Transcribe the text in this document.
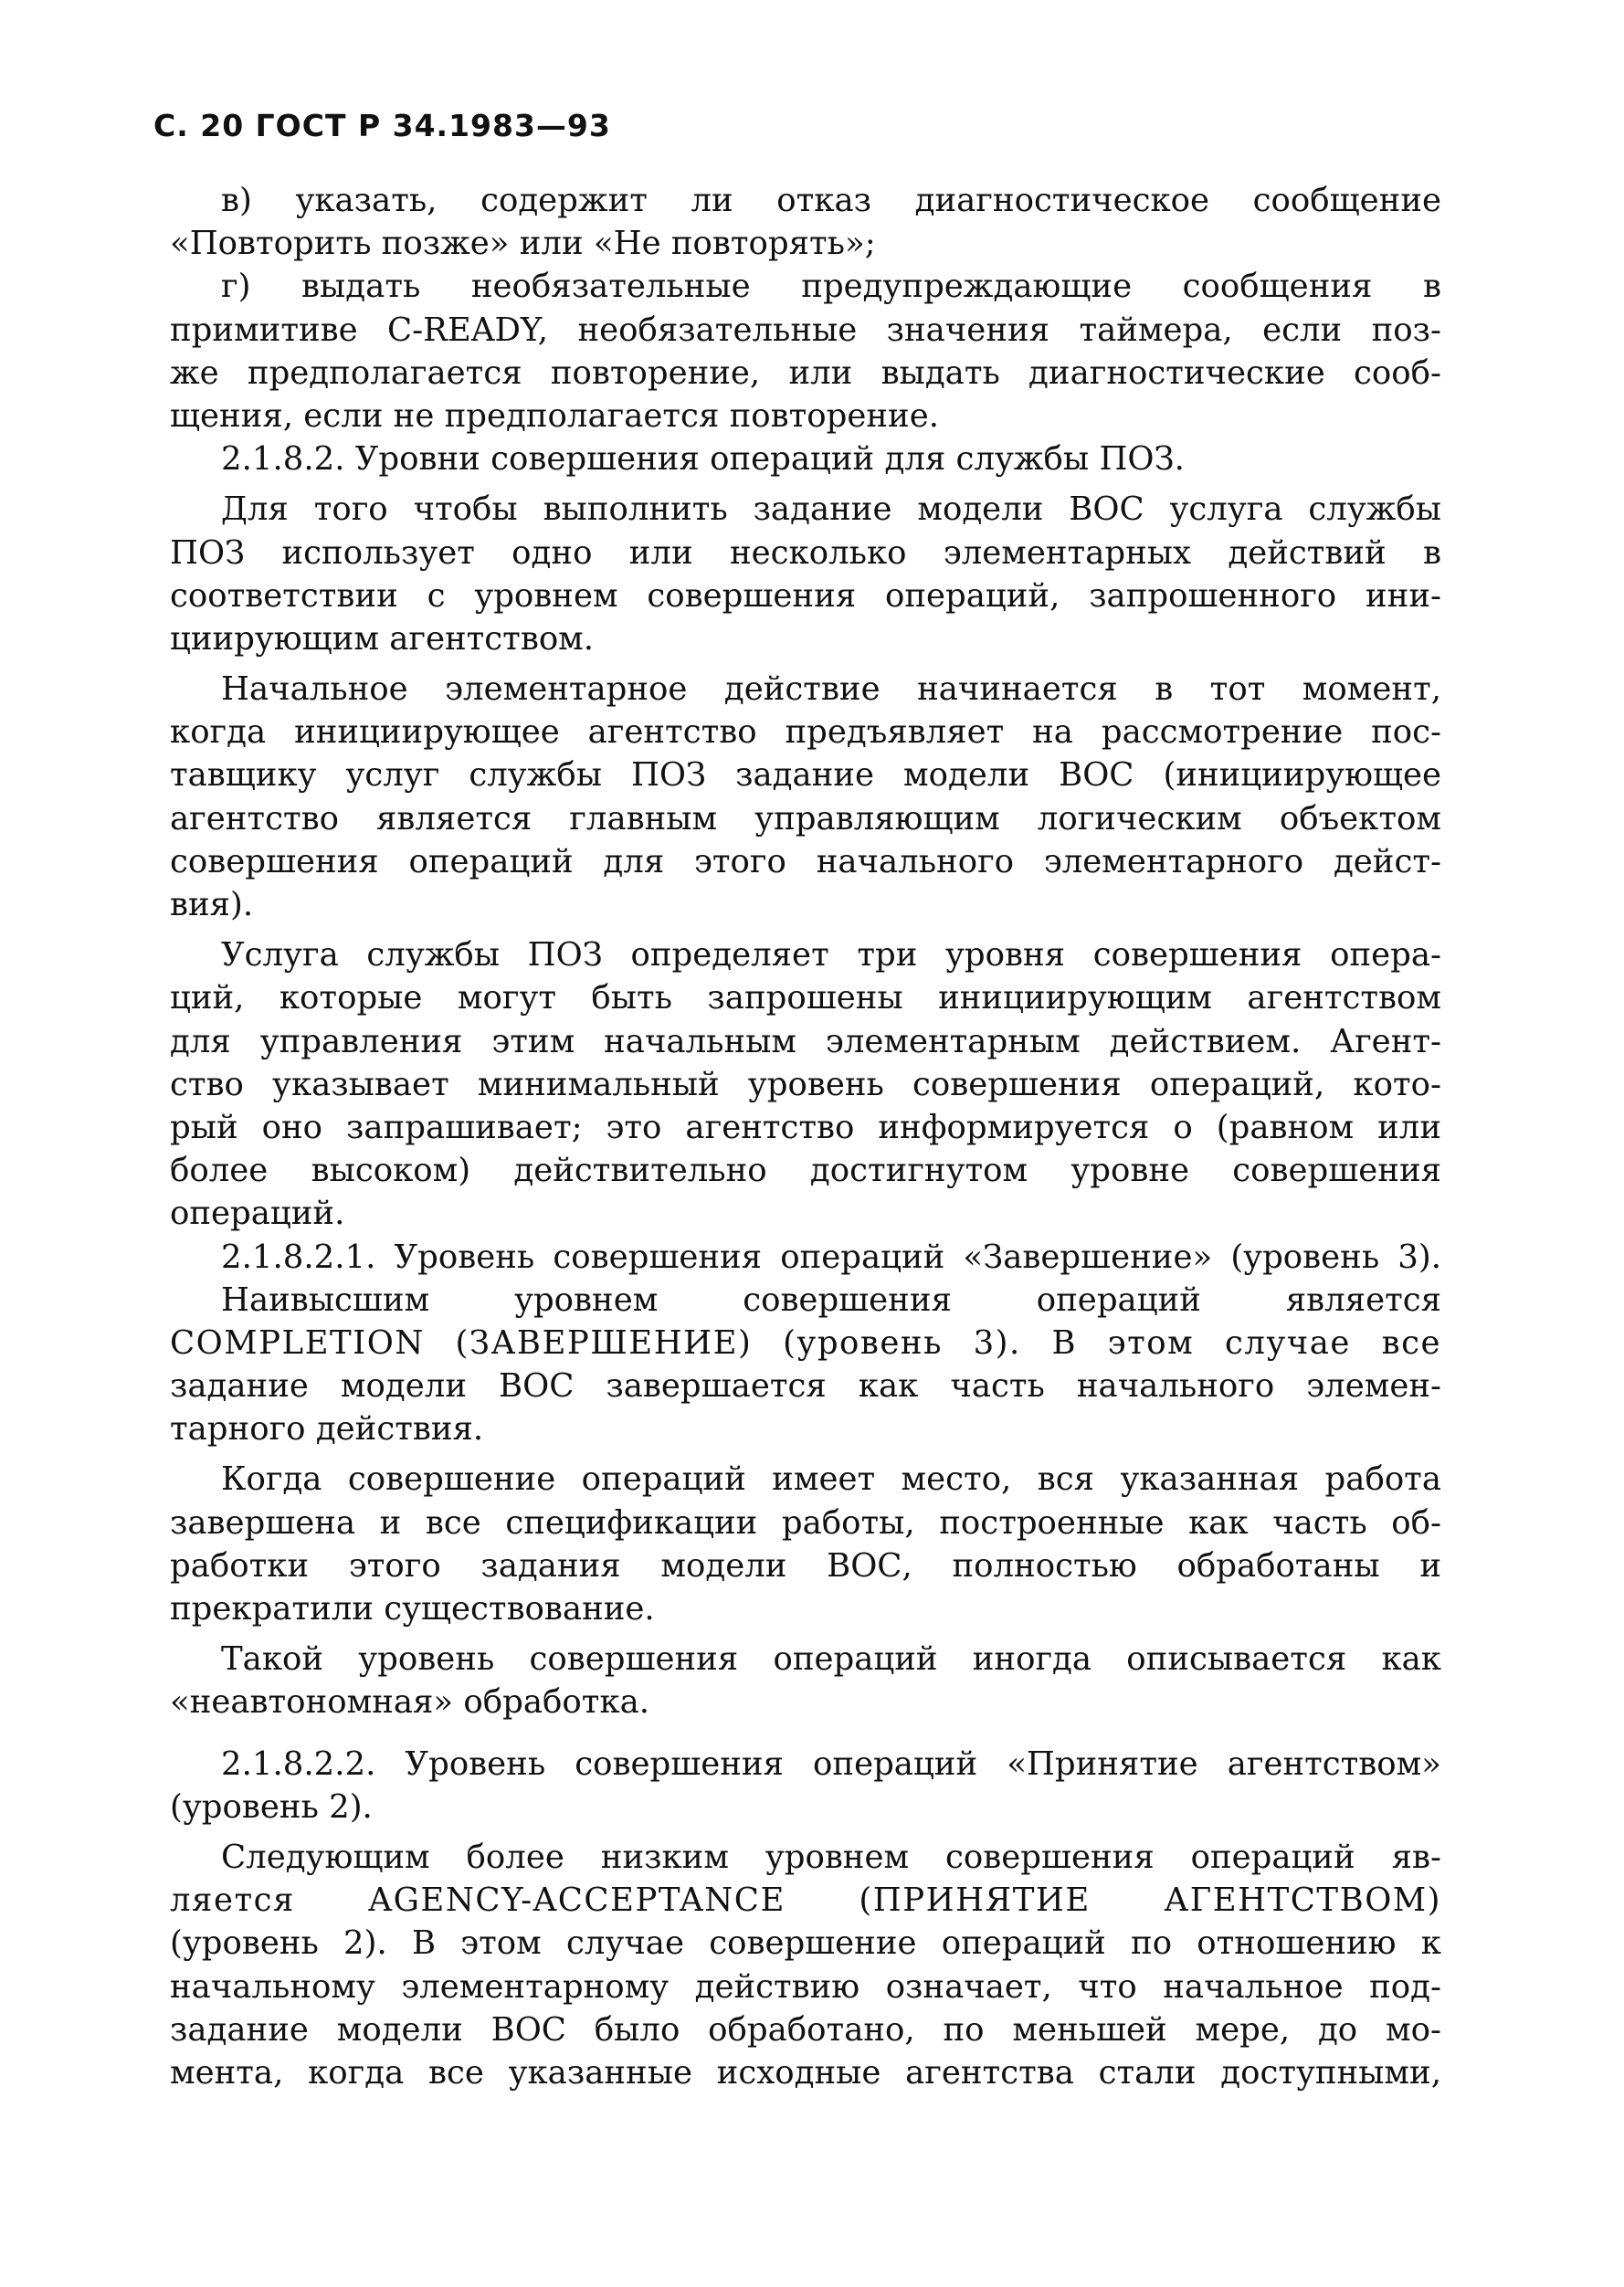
С. 20 ГОСТ Р 34.1983—93
в) указать, содержит ли отказ диагностическое сообщение
«Повторить позже» или «Не повторять»;
г) выдать необязательные предупреждающие сообщения в
примитиве C-READY, необязательные значения таймера, если поз-
же предполагается повторение, или выдать диагностические сооб-
щения, если не предполагается повторение.
2.1.8.2. Уровни совершения операций для службы ПОЗ.
Для того чтобы выполнить задание модели ВОС услуга службы
ПОЗ использует одно или несколько элементарных действий в
соответствии с уровнем совершения операций, запрошенного ини-
циирующим агентством.
Начальное элементарное действие начинается в тот момент,
когда инициирующее агентство предъявляет на рассмотрение пос-
тавщику услуг службы ПОЗ задание модели ВОС (инициирующее
агентство является главным управляющим логическим объектом
совершения операций для этого начального элементарного дейст-
вия).
Услуга службы ПОЗ определяет три уровня совершения опера-
ций, которые могут быть запрошены инициирующим агентством
для управления этим начальным элементарным действием. Агент-
ство указывает минимальный уровень совершения операций, кото-
рый оно запрашивает; это агентство информируется о (равном или
более высоком) действительно достигнутом уровне совершения
операций.
2.1.8.2.1. Уровень совершения операций «Завершение» (уровень 3).
Наивысшим уровнем совершения операций является
COMPLETION (ЗАВЕРШЕНИЕ) (уровень 3). В этом случае все
задание модели ВОС завершается как часть начального элемен-
тарного действия.
Когда совершение операций имеет место, вся указанная работа
завершена и все спецификации работы, построенные как часть об-
работки этого задания модели ВОС, полностью обработаны и
прекратили существование.
Такой уровень совершения операций иногда описывается как
«неавтономная» обработка.
2.1.8.2.2. Уровень совершения операций «Принятие агентством»
(уровень 2).
Следующим более низким уровнем совершения операций яв-
ляется AGENCY-ACCEPTANCE (ПРИНЯТИЕ АГЕНТСТВОМ)
(уровень 2). В этом случае совершение операций по отношению к
начальному элементарному действию означает, что начальное под-
задание модели ВОС было обработано, по меньшей мере, до мо-
мента, когда все указанные исходные агентства стали доступными,
